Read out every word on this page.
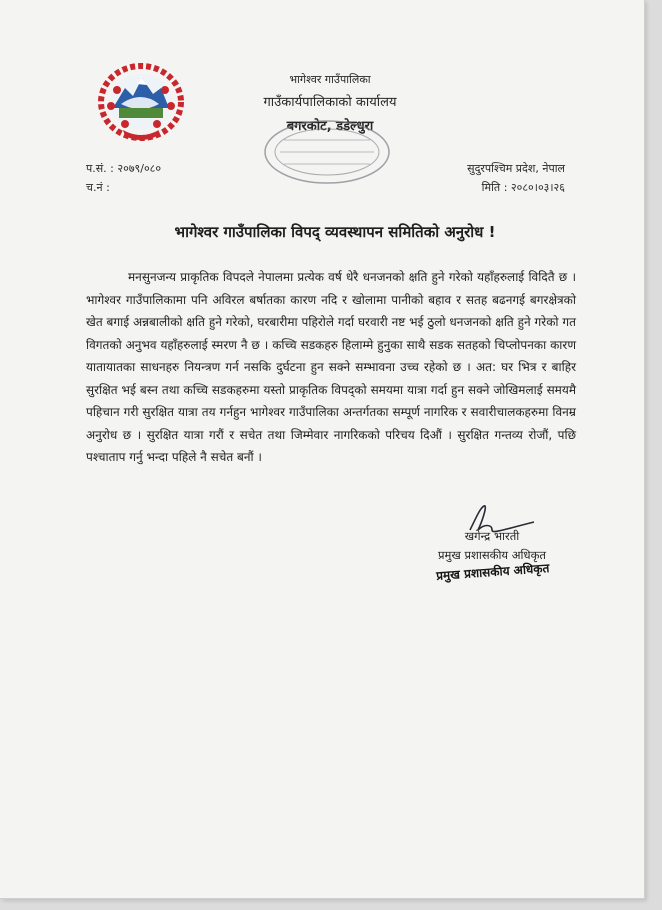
भागेश्वर गाउँपालिका
गाउँकार्यपालिकाको कार्यालय
बगरकोट, डडेल्धुरा
प.सं. : २०७९/०८०
च.नं :
सुदुरपश्चिम प्रदेश, नेपाल
मिति : २०८०।०३।२६
भागेश्वर गाउँपालिका विपद् व्यवस्थापन समितिको अनुरोध !
मनसुनजन्य प्राकृतिक विपदले नेपालमा प्रत्येक वर्ष धेरै धनजनको क्षति हुने गरेको यहाँहरुलाई विदितै छ । भागेश्वर गाउँपालिकामा पनि अविरल बर्षातका कारण नदि र खोलामा पानीको बहाव र सतह बढनगई बगरक्षेत्रको खेत बगाई अन्नबालीको क्षति हुने गरेको, घरबारीमा पहिरोले गर्दा घरवारी नष्ट भई ठुलो धनजनको क्षति हुने गरेको गत विगतको अनुभव यहाँहरुलाई स्मरण नै छ । कच्चि सडकहरु हिलाम्मे हुनुका साथै सडक सतहको चिप्लोपनका कारण यातायातका साधनहरु नियन्त्रण गर्न नसकि दुर्घटना हुन सक्ने सम्भावना उच्च रहेको छ । अत: घर भित्र र बाहिर सुरक्षित भई बस्न तथा कच्चि सडकहरुमा यस्तो प्राकृतिक विपद्को समयमा यात्रा गर्दा हुन सक्ने जोखिमलाई समयमै पहिचान गरी सुरक्षित यात्रा तय गर्नहुन भागेश्वर गाउँपालिका अन्तर्गतका सम्पूर्ण नागरिक र सवारीचालकहरुमा विनम्र अनुरोध छ । सुरक्षित यात्रा गरौं र सचेत तथा जिम्मेवार नागरिकको परिचय दिऔं । सुरक्षित गन्तव्य रोजौं, पछि पश्चाताप गर्नु भन्दा पहिले नै सचेत बनौं ।
खगेन्द्र भारती
प्रमुख प्रशासकीय अधिकृत
प्रमुख प्रशासकीय अधिकृत
